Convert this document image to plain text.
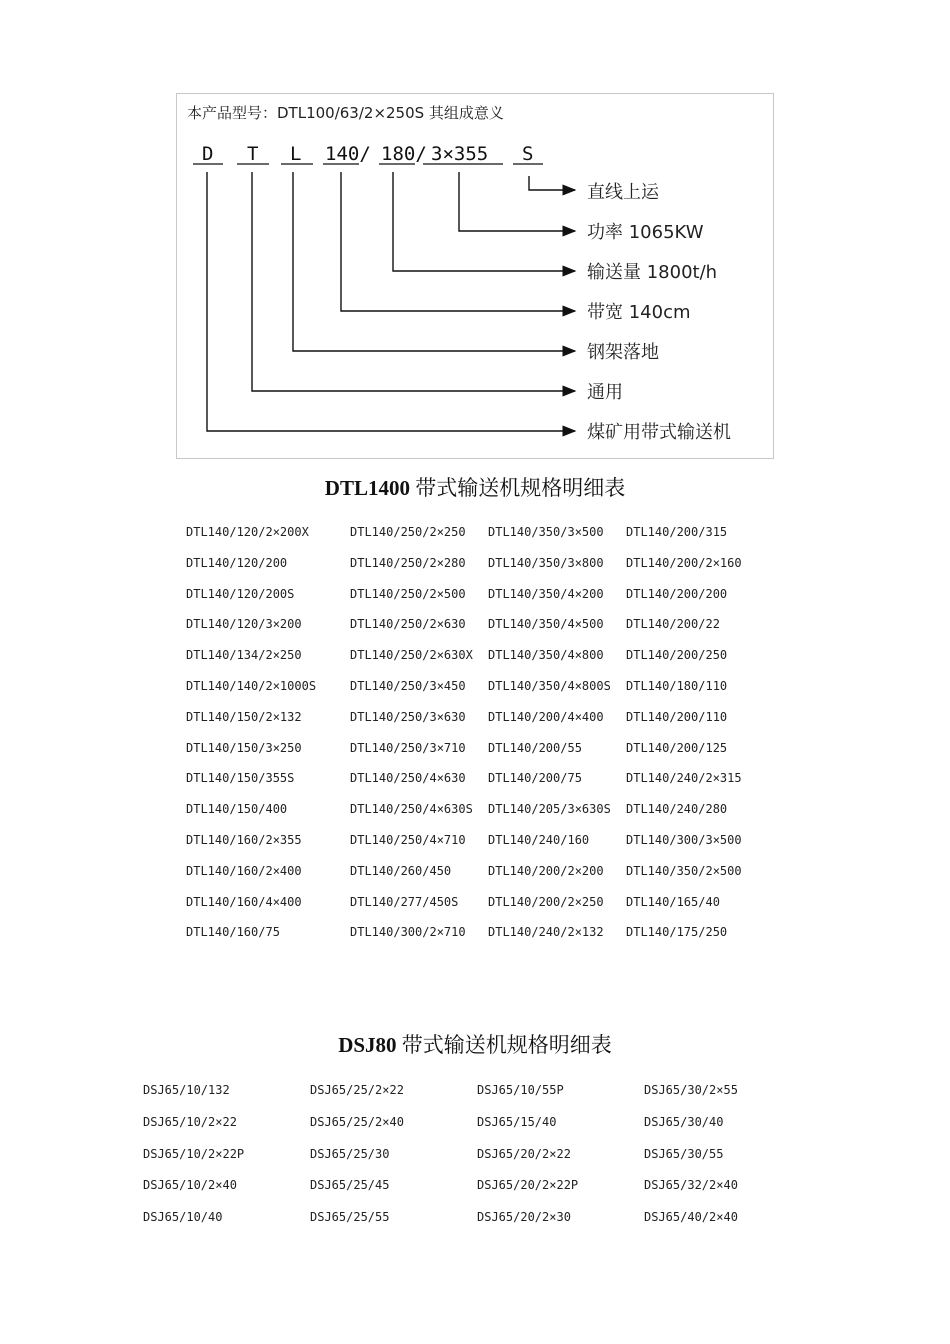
本产品型号：DTL100/63/2×250S 其组成意义
D T L 140/ 180/ 3×355 S
直线上运
功率 1065KW
输送量 1800t/h
带宽 140cm
钢架落地
通用
煤矿用带式输送机
DTL1400 带式输送机规格明细表
DTL140/120/2×200X
DTL140/120/200
DTL140/120/200S
DTL140/120/3×200
DTL140/134/2×250
DTL140/140/2×1000S
DTL140/150/2×132
DTL140/150/3×250
DTL140/150/355S
DTL140/150/400
DTL140/160/2×355
DTL140/160/2×400
DTL140/160/4×400
DTL140/160/75
DTL140/250/2×250
DTL140/250/2×280
DTL140/250/2×500
DTL140/250/2×630
DTL140/250/2×630X
DTL140/250/3×450
DTL140/250/3×630
DTL140/250/3×710
DTL140/250/4×630
DTL140/250/4×630S
DTL140/250/4×710
DTL140/260/450
DTL140/277/450S
DTL140/300/2×710
DTL140/350/3×500
DTL140/350/3×800
DTL140/350/4×200
DTL140/350/4×500
DTL140/350/4×800
DTL140/350/4×800S
DTL140/200/4×400
DTL140/200/55
DTL140/200/75
DTL140/205/3×630S
DTL140/240/160
DTL140/200/2×200
DTL140/200/2×250
DTL140/240/2×132
DTL140/200/315
DTL140/200/2×160
DTL140/200/200
DTL140/200/22
DTL140/200/250
DTL140/180/110
DTL140/200/110
DTL140/200/125
DTL140/240/2×315
DTL140/240/280
DTL140/300/3×500
DTL140/350/2×500
DTL140/165/40
DTL140/175/250
DSJ80 带式输送机规格明细表
DSJ65/10/132
DSJ65/10/2×22
DSJ65/10/2×22P
DSJ65/10/2×40
DSJ65/10/40
DSJ65/25/2×22
DSJ65/25/2×40
DSJ65/25/30
DSJ65/25/45
DSJ65/25/55
DSJ65/10/55P
DSJ65/15/40
DSJ65/20/2×22
DSJ65/20/2×22P
DSJ65/20/2×30
DSJ65/30/2×55
DSJ65/30/40
DSJ65/30/55
DSJ65/32/2×40
DSJ65/40/2×40
